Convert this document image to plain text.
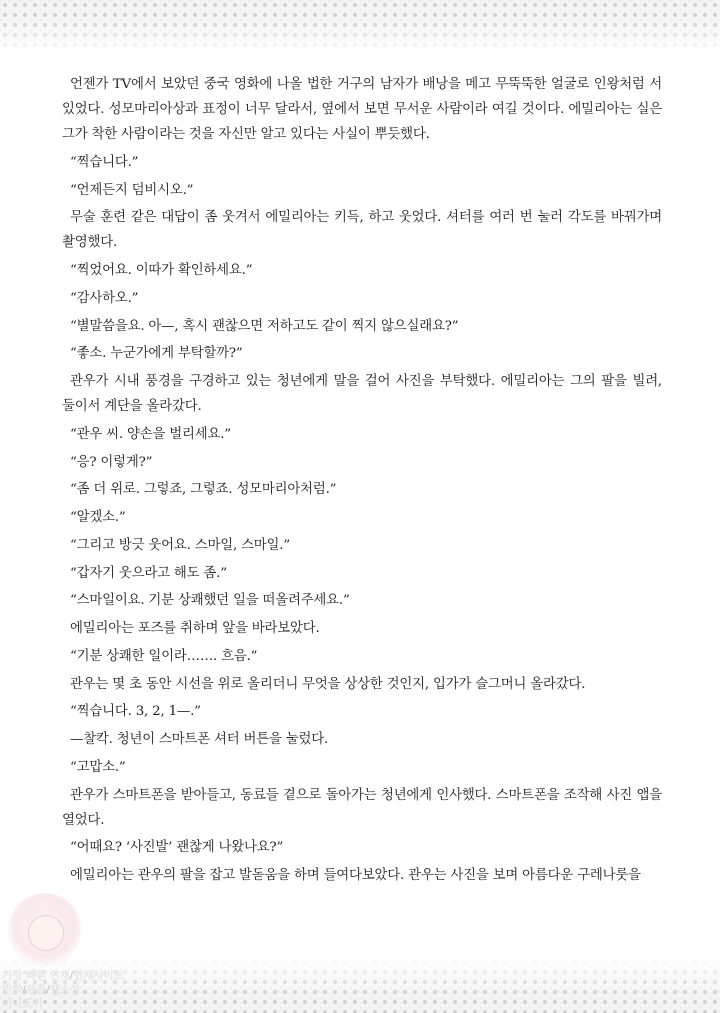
언젠가 TV에서 보았던 중국 영화에 나올 법한 거구의 남자가 배낭을 메고 무뚝뚝한 얼굴로 인왕처럼 서 있었다. 성모마리아상과 표정이 너무 달라서, 옆에서 보면 무서운 사람이라 여길 것이다. 에밀리아는 실은 그가 착한 사람이라는 것을 자신만 알고 있다는 사실이 뿌듯했다.

“찍습니다.”

“언제든지 덤비시오.”

무술 훈련 같은 대답이 좀 웃겨서 에밀리아는 키득, 하고 웃었다. 셔터를 여러 번 눌러 각도를 바꿔가며 촬영했다.

“찍었어요. 이따가 확인하세요.”

“감사하오.”

“별말씀을요. 아—, 혹시 괜찮으면 저하고도 같이 찍지 않으실래요?”

“좋소. 누군가에게 부탁할까?”

관우가 시내 풍경을 구경하고 있는 청년에게 말을 걸어 사진을 부탁했다. 에밀리아는 그의 팔을 빌려, 둘이서 계단을 올라갔다.

“관우 씨. 양손을 벌리세요.”

“응? 이렇게?”

“좀 더 위로. 그렇죠, 그렇죠. 성모마리아처럼.”

“알겠소.”

“그리고 방긋 웃어요. 스마일, 스마일.”

“갑자기 웃으라고 해도 좀.”

“스마일이요. 기분 상쾌했던 일을 떠올려주세요.”

에밀리아는 포즈를 취하며 앞을 바라보았다.

“기분 상쾌한 일이라……. 흐음.”

관우는 몇 초 동안 시선을 위로 올리더니 무엇을 상상한 것인지, 입가가 슬그머니 올라갔다.

“찍습니다. 3, 2, 1—.”

—찰칵. 청년이 스마트폰 셔터 버튼을 눌렀다.

“고맙소.”

관우가 스마트폰을 받아들고, 동료들 곁으로 돌아가는 청년에게 인사했다. 스마트폰을 조작해 사진 앱을 열었다.

“어때요? ‘사진발’ 괜찮게 나왔나요?”

에밀리아는 관우의 팔을 잡고 발돋움을 하며 들여다보았다. 관우는 사진을 보며 아름다운 구레나룻을

가장 빠른 연재/연재사이트
만화/웹툰/웹소설
마나토끼
